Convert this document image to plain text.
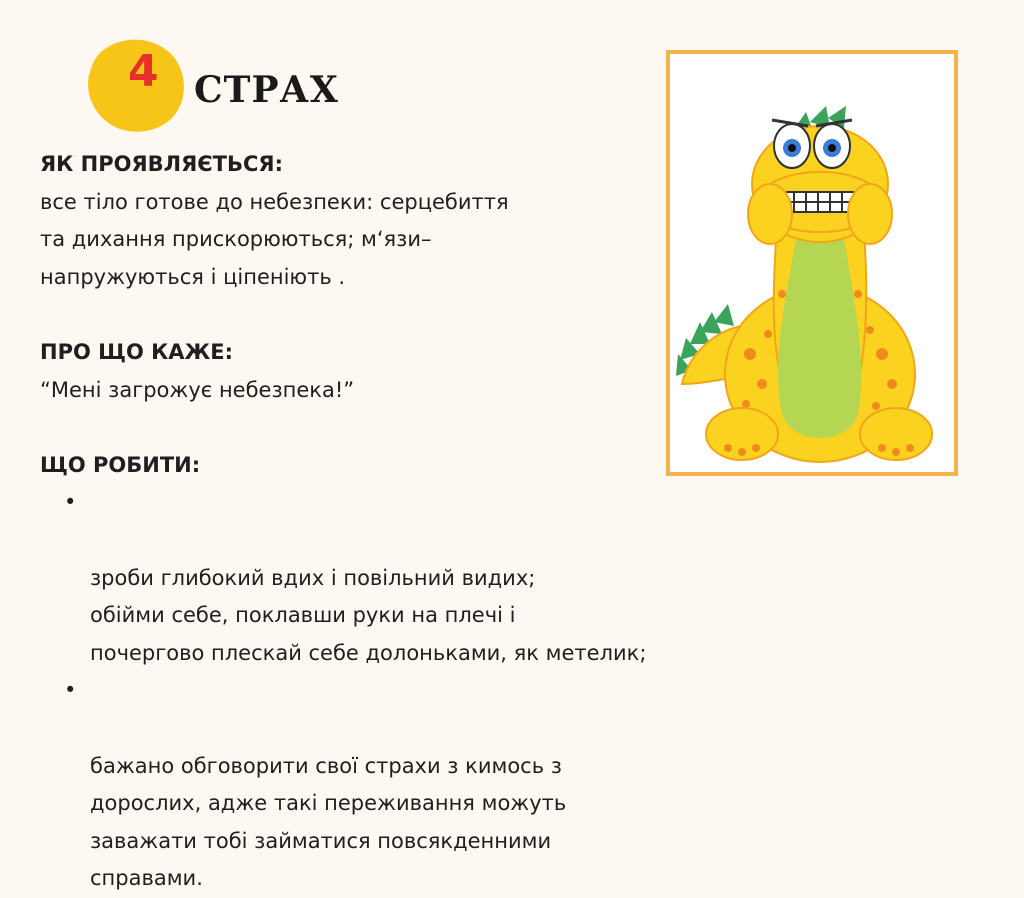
4 СТРАХ

ЯК ПРОЯВЛЯЄТЬСЯ:

все тіло готове до небезпеки: серцебиття
та дихання прискорюються; м‘язи–
напружуються і ціпеніють .

ПРО ЩО КАЖЕ:

“Мені загрожує небезпека!”

ЩО РОБИТИ:

•

зроби глибокий вдих і повільний видих;
обійми себе, поклавши руки на плечі і
почергово плескай себе долоньками, як метелик;

•

бажано обговорити свої страхи з кимось з
дорослих, адже такі переживання можуть
заважати тобі займатися повсякденними
справами.
